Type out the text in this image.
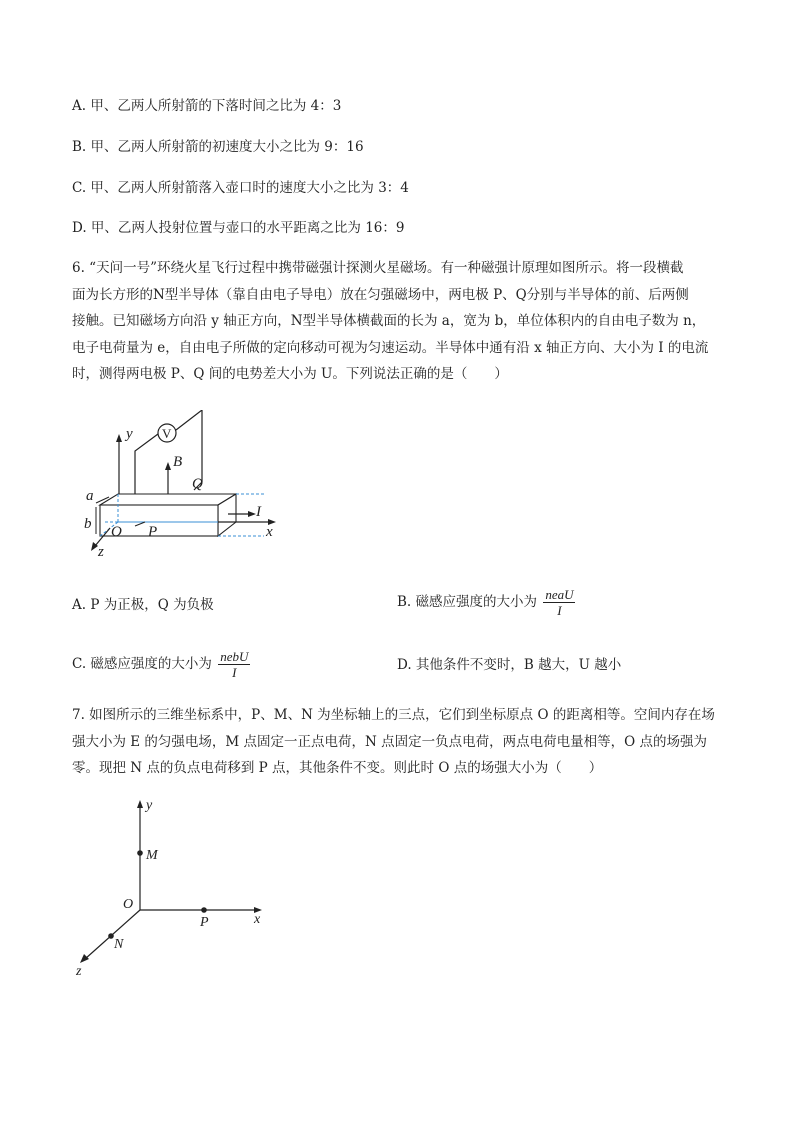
A. 甲、乙两人所射箭的下落时间之比为 4：3
B. 甲、乙两人所射箭的初速度大小之比为 9：16
C. 甲、乙两人所射箭落入壶口时的速度大小之比为 3：4
D. 甲、乙两人投射位置与壶口的水平距离之比为 16：9
6. “天问一号”环绕火星飞行过程中携带磁强计探测火星磁场。有一种磁强计原理如图所示。将一段横截
面为长方形的N型半导体（靠自由电子导电）放在匀强磁场中，两电极 P、Q分别与半导体的前、后两侧
接触。已知磁场方向沿 y 轴正方向，N型半导体横截面的长为 a，宽为 b，单位体积内的自由电子数为 n，
电子电荷量为 e，自由电子所做的定向移动可视为匀速运动。半导体中通有沿 x 轴正方向、大小为 I 的电流
时，测得两电极 P、Q 间的电势差大小为 U。下列说法正确的是（　　）
y V
B
Q
x
I
a
b O P
z
A. P 为正极，Q 为负极	B. 磁感应强度的大小为 $\frac{\text{neaU}}{I}$
C. 磁感应强度的大小为 $\frac{\text{nebU}}{I}$	D. 其他条件不变时，B 越大，U 越小
7. 如图所示的三维坐标系中，P、M、N 为坐标轴上的三点，它们到坐标原点 O 的距离相等。空间内存在场
强大小为 E 的匀强电场，M 点固定一正点电荷，N 点固定一负点电荷，两点电荷电量相等，O 点的场强为
零。现把 N 点的负点电荷移到 P 点，其他条件不变。则此时 O 点的场强大小为（　　）
y
M
O
x
P
z
N
